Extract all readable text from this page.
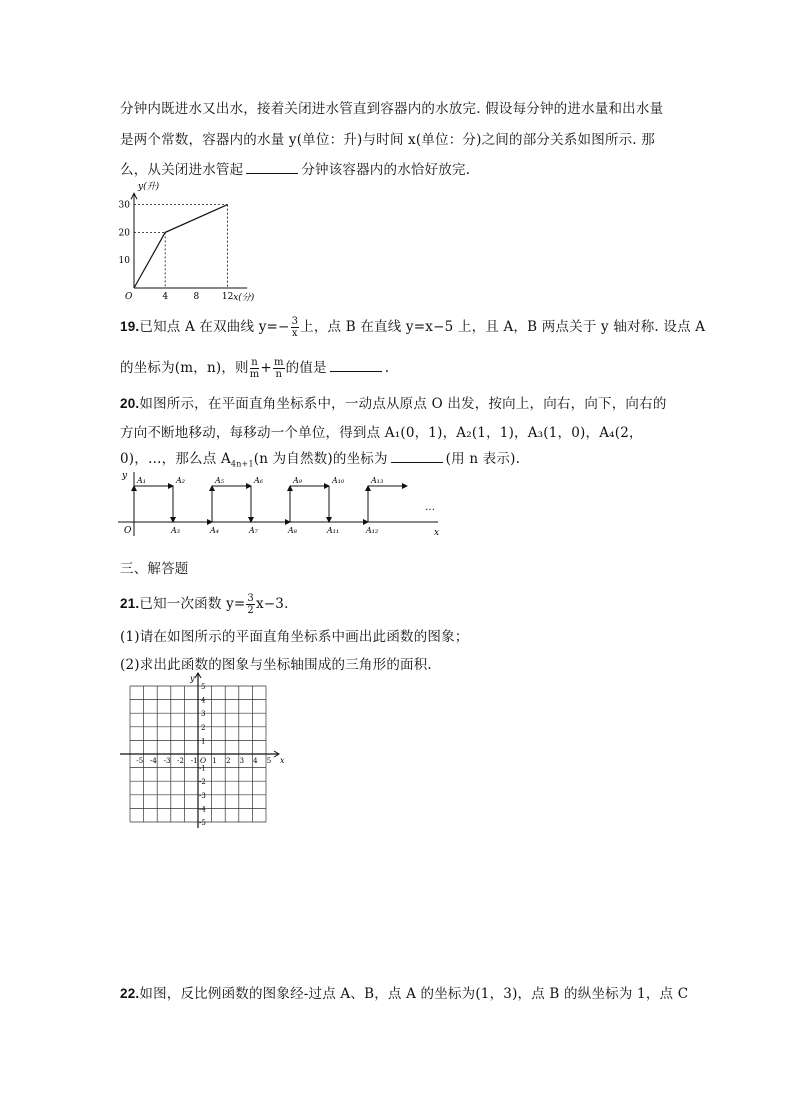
分钟内既进水又出水，接着关闭进水管直到容器内的水放完. 假设每分钟的进水量和出水量
是两个常数，容器内的水量 y(单位：升)与时间 x(单位：分)之间的部分关系如图所示. 那
么，从关闭进水管起	分钟该容器内的水恰好放完.
y(升)
x(分)
O
10
20
30
4	8	12
19.已知点 A 在双曲线 $y=- \frac{3}{x}$ 上，点 B 在直线 y=x−5 上，且 A，B 两点关于 y 轴对称. 设点 A
的坐标为(m，n)，则 $\frac{n}{m} + \frac{m}{n}$ 的值是	.
20.如图所示，在平面直角坐标系中，一动点从原点 O 出发，按向上，向右，向下，向右的
方向不断地移动，每移动一个单位，得到点 A₁(0，1)，A₂(1，1)，A₃(1，0)，A₄(2，
0)，…，那么点 $A_{4n+1}(n$ 为自然数)的坐标为	(用 n 表示).
y
x
O
…
A₁	A₂	A₅	A₆	A₉	A₁₀	A₁₃
A₃	A₄	A₇	A₈	A₁₁	A₁₂
三、解答题
21.已知一次函数 $y= \frac{3}{2} x-3$.
(1)请在如图所示的平面直角坐标系中画出此函数的图象；
(2)求出此函数的图象与坐标轴围成的三角形的面积.
y
x
O
-5 -4 -3 -2 -1 1 2 3 4 5
5
4
3
2
1
-1
-2
-3
-4
-5
22.如图，反比例函数的图象经-过点 A、B，点 A 的坐标为(1，3)，点 B 的纵坐标为 1，点 C
